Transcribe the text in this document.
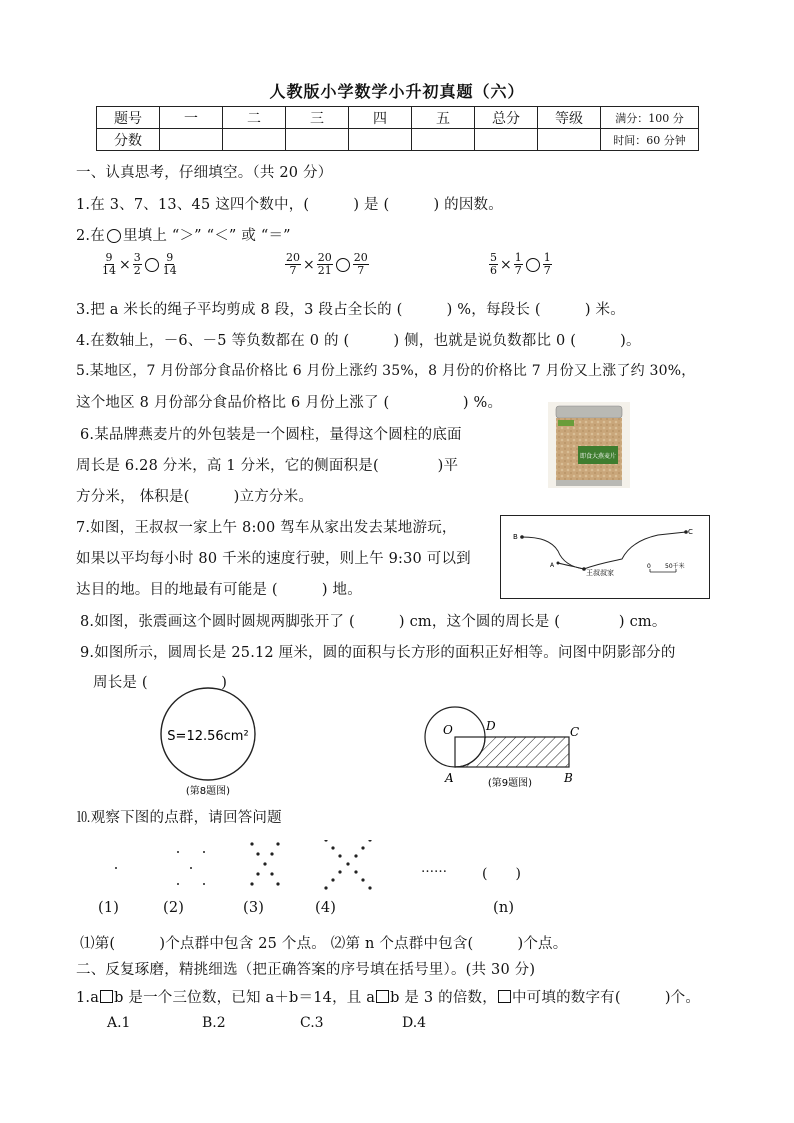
人教版小学数学小升初真题（六）
题号	一	二	三	四	五	总分	等级	满分：100 分
分数								时间：60 分钟
一、认真思考，仔细填空。（共 20 分）
1.在 3、7、13、45 这四个数中，(　　　) 是 (　　　) 的因数。
2.在 里填上 “＞” “＜” 或 “＝”
$\frac{9}{14} \times \frac{3}{2} \frac{9}{14}$	$\frac{20}{7} \times \frac{20}{21} \frac{20}{7}$	$\frac{5}{6} \times \frac{1}{7} \frac{1}{7}$
3.把 a 米长的绳子平均剪成 8 段，3 段占全长的 (　　　) %，每段长 (　　　) 米。
4.在数轴上，－6、－5 等负数都在 0 的 (　　　) 侧，也就是说负数都比 0 (　　　)。
5.某地区，7 月份部分食品价格比 6 月份上涨约 35%，8 月份的价格比 7 月份又上涨了约 30%，
这个地区 8 月份部分食品价格比 6 月份上涨了 (　　　　　) %。
6.某品牌燕麦片的外包装是一个圆柱，量得这个圆柱的底面
周长是 6.28 分米，高 1 分米，它的侧面积是(　　　　)平
方分米， 体积是(　　　)立方分米。
即食大燕麦片
7.如图，王叔叔一家上午 8:00 驾车从家出发去某地游玩，
如果以平均每小时 80 千米的速度行驶，则上午 9:30 可以到
达目的地。目的地最有可能是 (　　　) 地。
B
C
A
王叔叔家
0 50千米
8.如图，张震画这个圆时圆规两脚张开了 (　　　) cm，这个圆的周长是 (　　　　) cm。
9.如图所示，圆周长是 25.12 厘米，圆的面积与长方形的面积正好相等。问图中阴影部分的
周长是 (　　　　　)
S=12.56cm²
(第8题图)
O	D	C
A	B
(第9题图)
⒑观察下图的点群，请回答问题
……	(　　)
(1)	(2)	(3)	(4)	(n)
⑴第(　　　)个点群中包含 25 个点。 ⑵第 n 个点群中包含(　　　)个点。
二、反复琢磨，精挑细选（把正确答案的序号填在括号里）。(共 30 分)
1.a b 是一个三位数，已知 a＋b＝14，且 a b 是 3 的倍数， 中可填的数字有(　　　)个。
A.1	B.2	C.3	D.4
